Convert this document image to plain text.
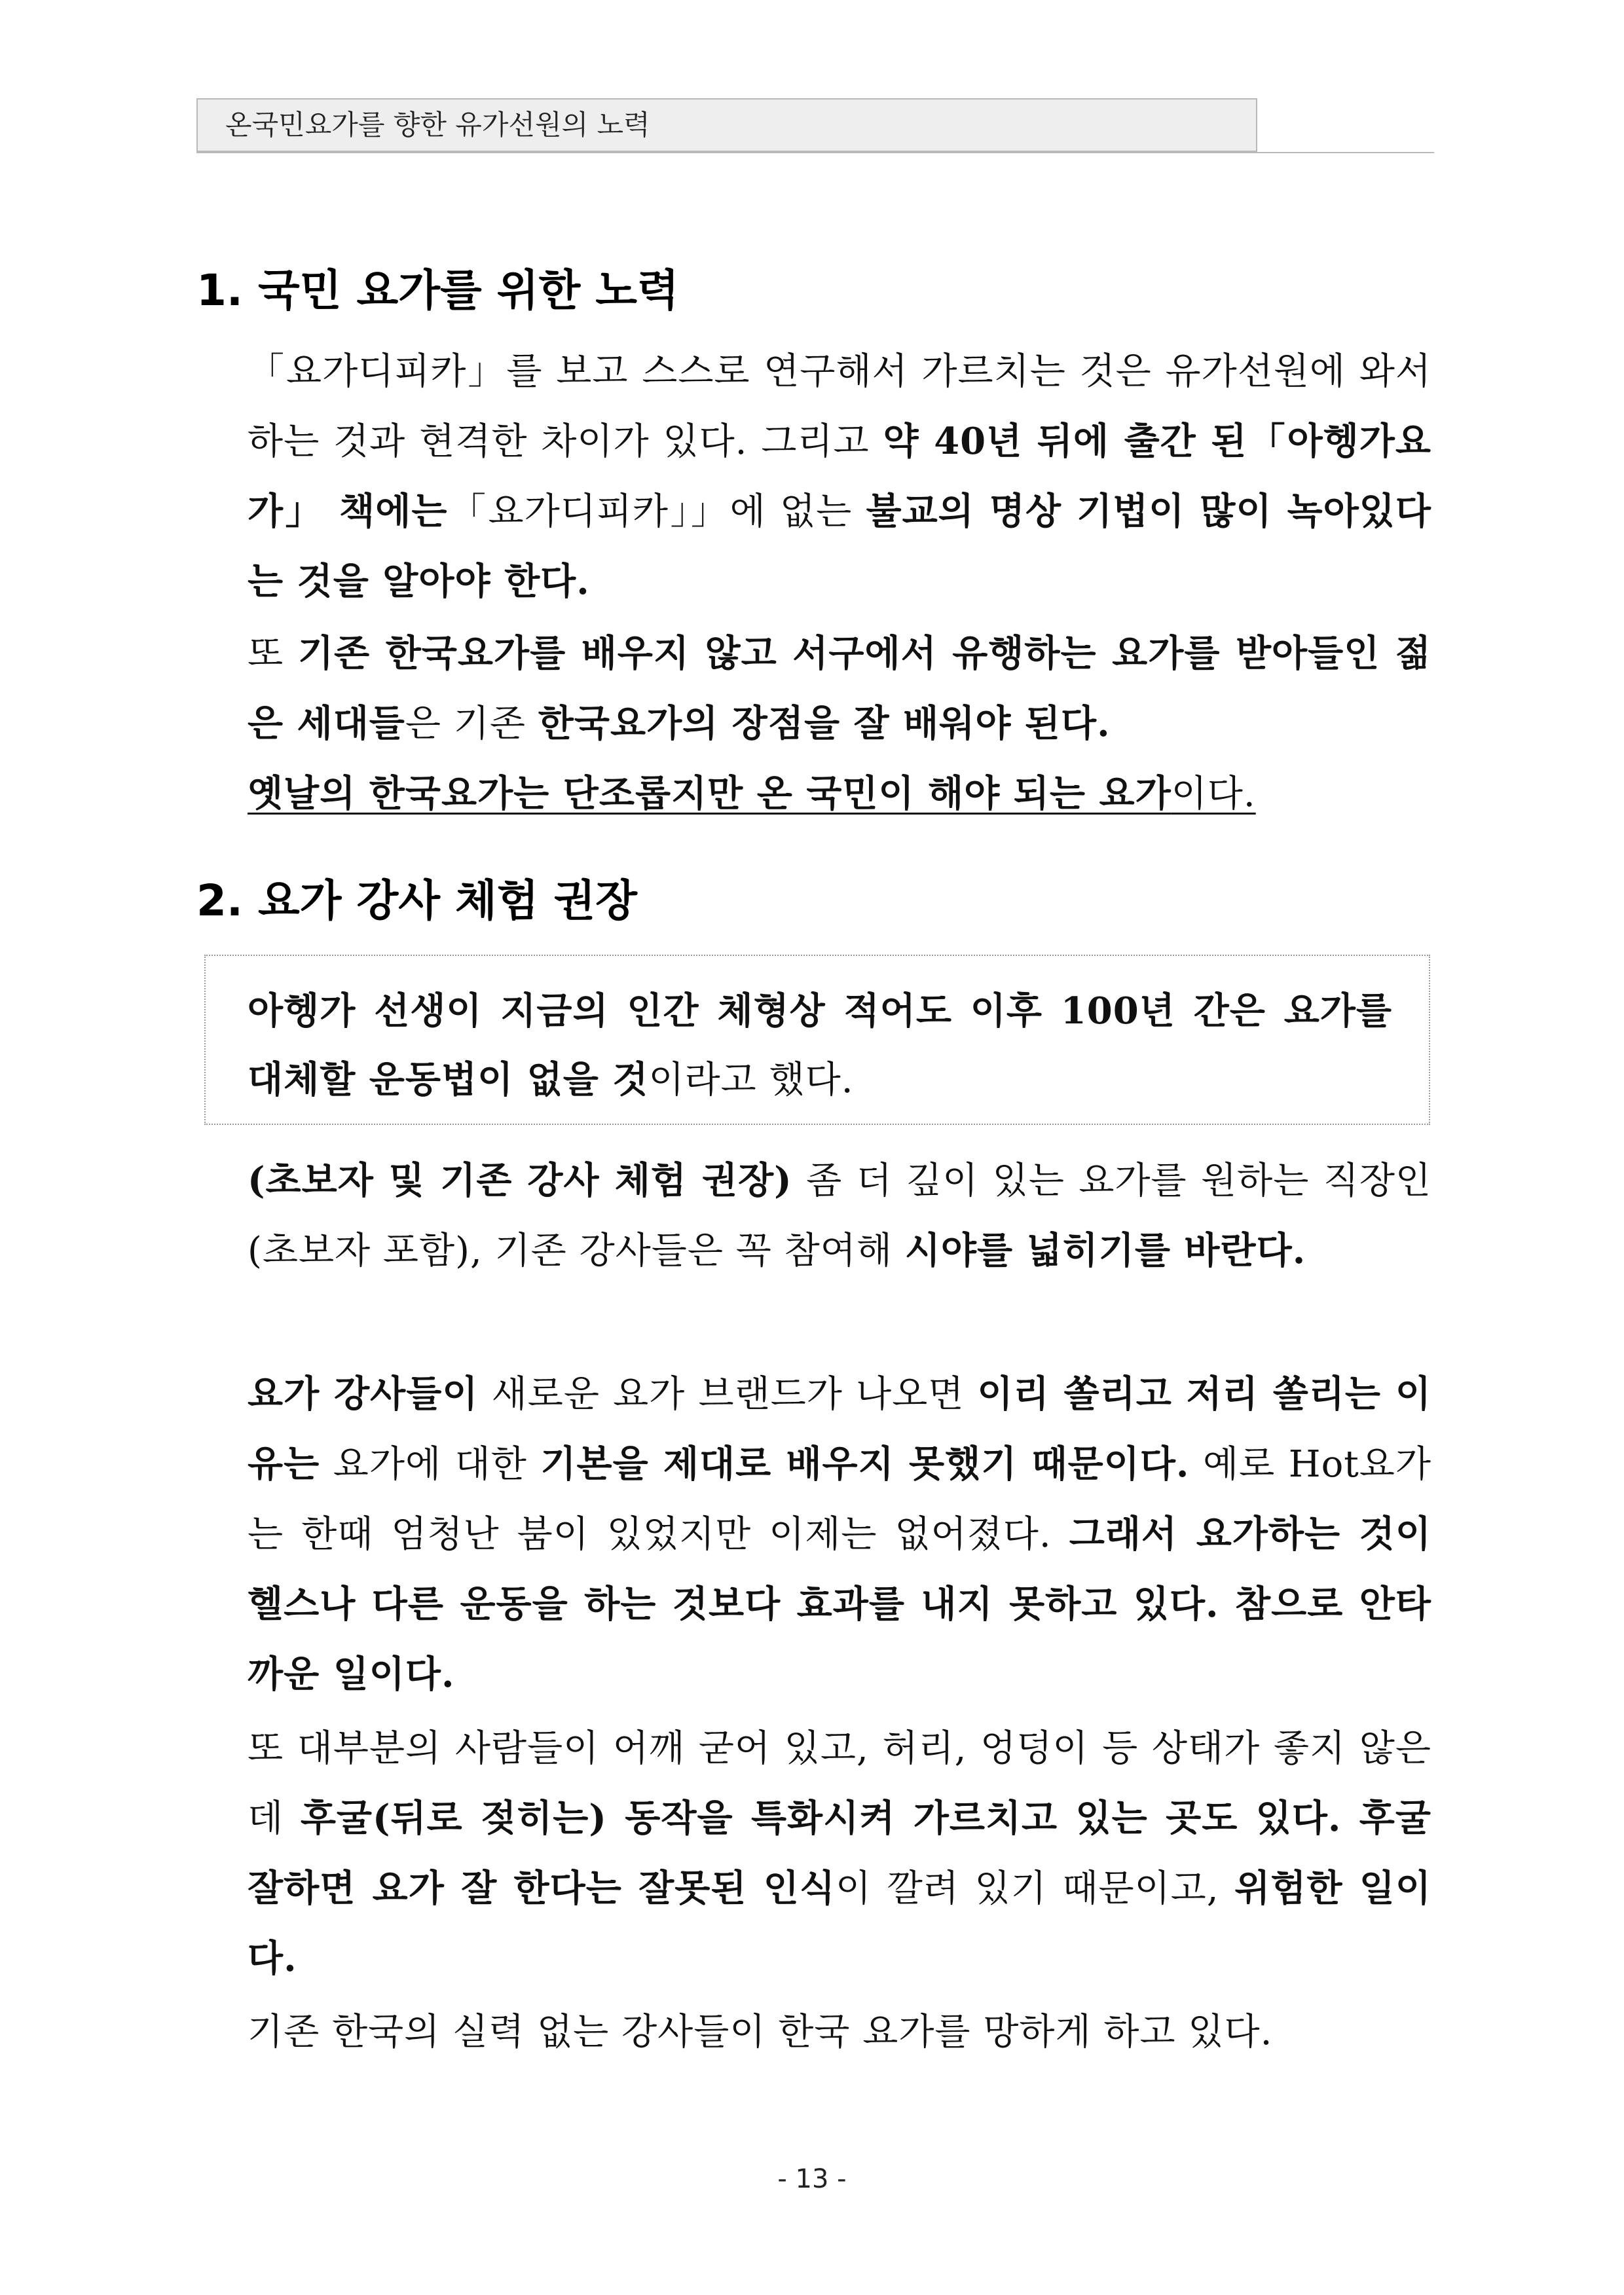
온국민요가를 향한 유가선원의 노력
1. 국민 요가를 위한 노력

「요가디피카」를 보고 스스로 연구해서 가르치는 것은 유가선원에 와서 하는 것과 현격한 차이가 있다. 그리고 약 40년 뒤에 출간 된「아헹가요가」 책에는「요가디피카」」에 없는 불교의 명상 기법이 많이 녹아있다는 것을 알아야 한다.

또 기존 한국요가를 배우지 않고 서구에서 유행하는 요가를 받아들인 젊은 세대들은 기존 한국요가의 장점을 잘 배워야 된다.
옛날의 한국요가는 단조롭지만 온 국민이 해야 되는 요가이다.

2. 요가 강사 체험 권장

아헹가 선생이 지금의 인간 체형상 적어도 이후 100년 간은 요가를 대체할 운동법이 없을 것이라고 했다.

(초보자 및 기존 강사 체험 권장) 좀 더 깊이 있는 요가를 원하는 직장인(초보자 포함), 기존 강사들은 꼭 참여해 시야를 넓히기를 바란다.

요가 강사들이 새로운 요가 브랜드가 나오면 이리 쏠리고 저리 쏠리는 이유는 요가에 대한 기본을 제대로 배우지 못했기 때문이다. 예로 Hot요가는 한때 엄청난 붐이 있었지만 이제는 없어졌다. 그래서 요가하는 것이 헬스나 다른 운동을 하는 것보다 효과를 내지 못하고 있다. 참으로 안타까운 일이다.

또 대부분의 사람들이 어깨 굳어 있고, 허리, 엉덩이 등 상태가 좋지 않은데 후굴(뒤로 젖히는) 동작을 특화시켜 가르치고 있는 곳도 있다. 후굴 잘하면 요가 잘 한다는 잘못된 인식이 깔려 있기 때문이고, 위험한 일이다.

기존 한국의 실력 없는 강사들이 한국 요가를 망하게 하고 있다.

- 13 -
